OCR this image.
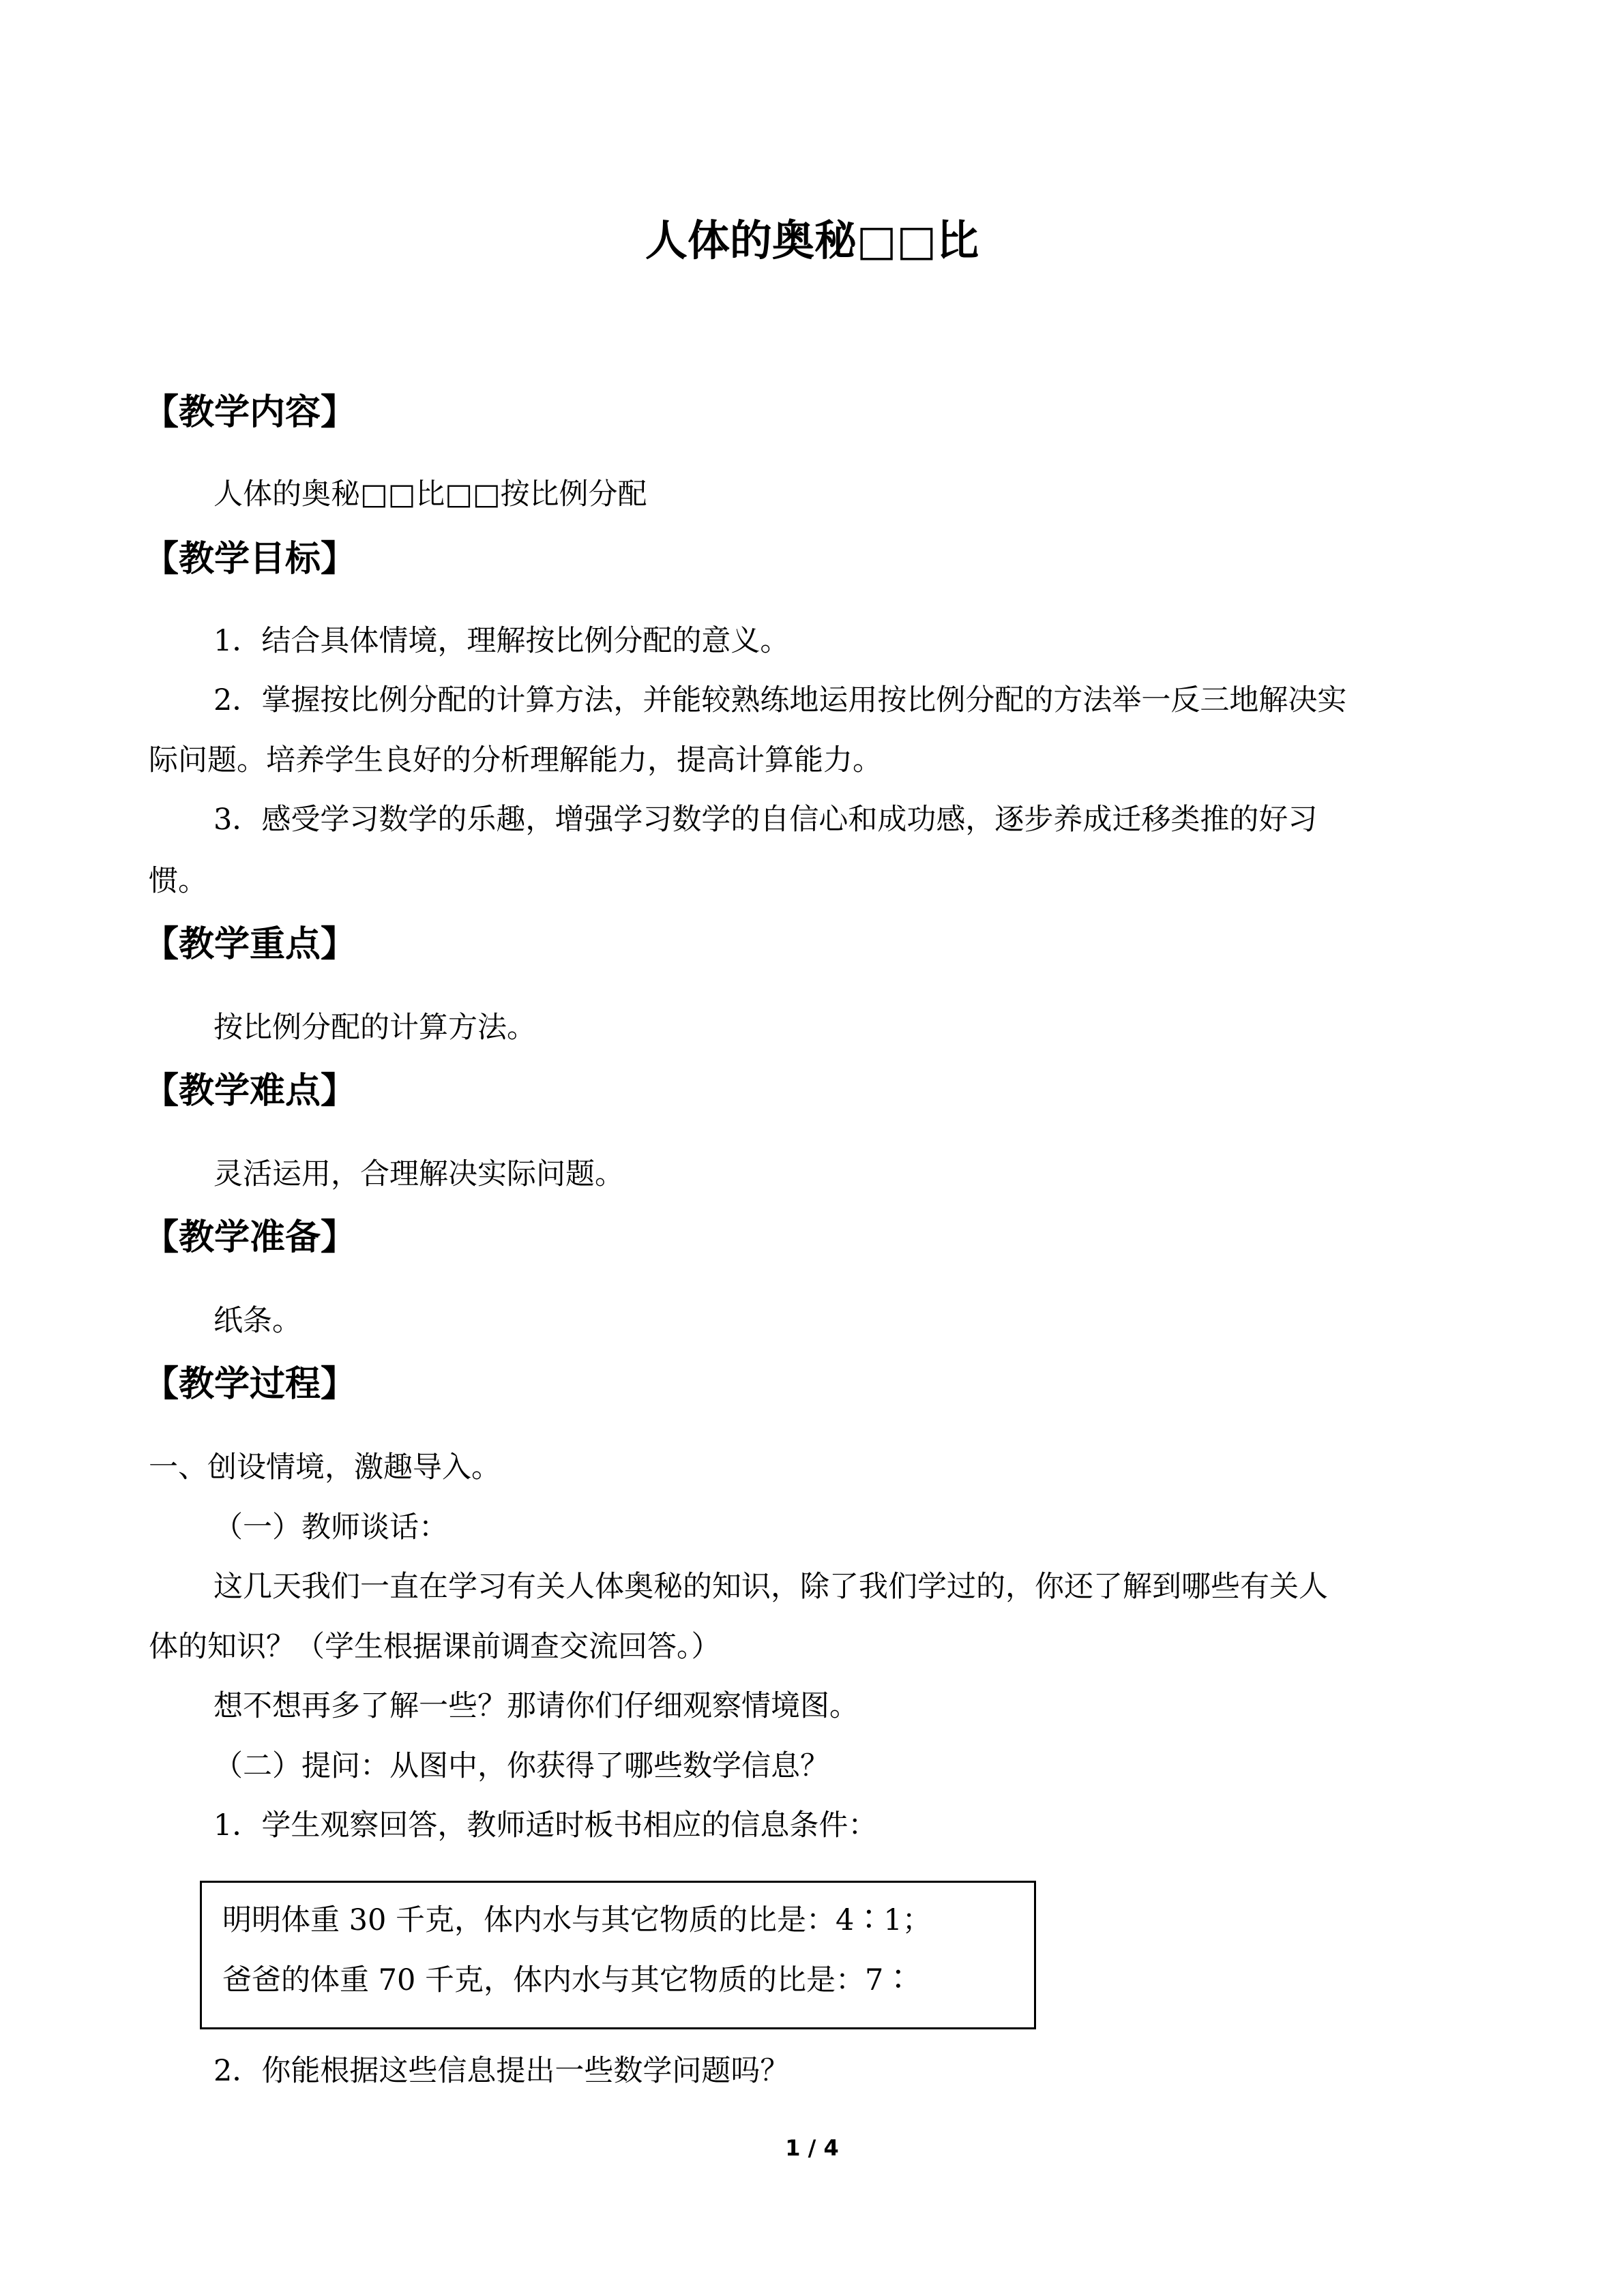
人体的奥秘□□比
【教学内容】

人体的奥秘□□比□□按比例分配

【教学目标】

1．结合具体情境，理解按比例分配的意义。

2．掌握按比例分配的计算方法，并能较熟练地运用按比例分配的方法举一反三地解决实

际问题。培养学生良好的分析理解能力，提高计算能力。

3．感受学习数学的乐趣，增强学习数学的自信心和成功感，逐步养成迁移类推的好习

惯。

【教学重点】

按比例分配的计算方法。

【教学难点】

灵活运用，合理解决实际问题。

【教学准备】

纸条。

【教学过程】

一、创设情境，激趣导入。

（一）教师谈话：

这几天我们一直在学习有关人体奥秘的知识，除了我们学过的，你还了解到哪些有关人

体的知识？（学生根据课前调查交流回答。）

想不想再多了解一些？那请你们仔细观察情境图。

（二）提问：从图中，你获得了哪些数学信息？

1．学生观察回答，教师适时板书相应的信息条件：

明明体重 30 千克，体内水与其它物质的比是：4∶1；

爸爸的体重 70 千克，体内水与其它物质的比是：7∶

2．你能根据这些信息提出一些数学问题吗？

1 / 4
